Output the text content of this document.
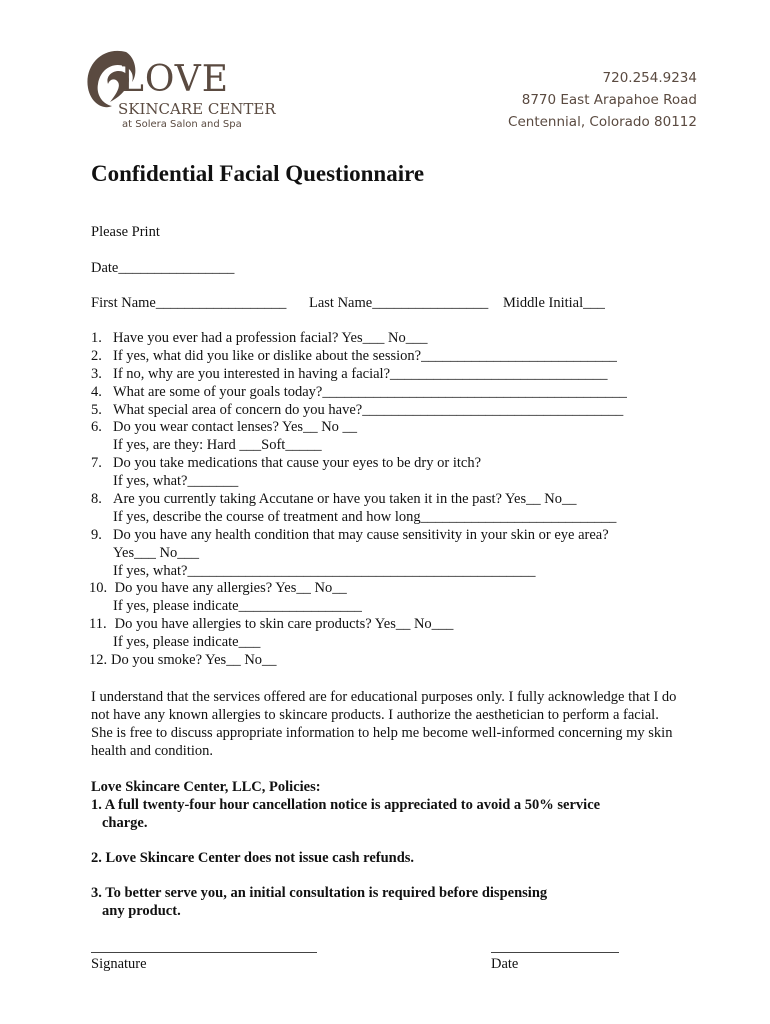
LOVE
SKINCARE CENTER
at Solera Salon and Spa
720.254.9234
8770 East Arapahoe Road
Centennial, Colorado 80112
Confidential Facial Questionnaire
Please Print
Date________________
First Name__________________ Last Name________________ Middle Initial___
1. Have you ever had a profession facial? Yes___ No___
2. If yes, what did you like or dislike about the session?___________________________
3. If no, why are you interested in having a facial?______________________________
4. What are some of your goals today?__________________________________________
5. What special area of concern do you have?____________________________________
6. Do you wear contact lenses? Yes__ No __
If yes, are they: Hard ___Soft_____
7. Do you take medications that cause your eyes to be dry or itch?
If yes, what?_______
8. Are you currently taking Accutane or have you taken it in the past? Yes__ No__
If yes, describe the course of treatment and how long___________________________
9. Do you have any health condition that may cause sensitivity in your skin or eye area?
Yes___ No___
If yes, what?________________________________________________
10. Do you have any allergies? Yes__ No__
If yes, please indicate_________________
11. Do you have allergies to skin care products? Yes__ No___
If yes, please indicate___
12. Do you smoke? Yes__ No__

I understand that the services offered are for educational purposes only. I fully acknowledge that I do not have any known allergies to skincare products. I authorize the aesthetician to perform a facial. She is free to discuss appropriate information to help me become well-informed concerning my skin health and condition.

Love Skincare Center, LLC, Policies:
1. A full twenty-four hour cancellation notice is appreciated to avoid a 50% service
charge.
2. Love Skincare Center does not issue cash refunds.
3. To better serve you, an initial consultation is required before dispensing
any product.
Signature	Date
